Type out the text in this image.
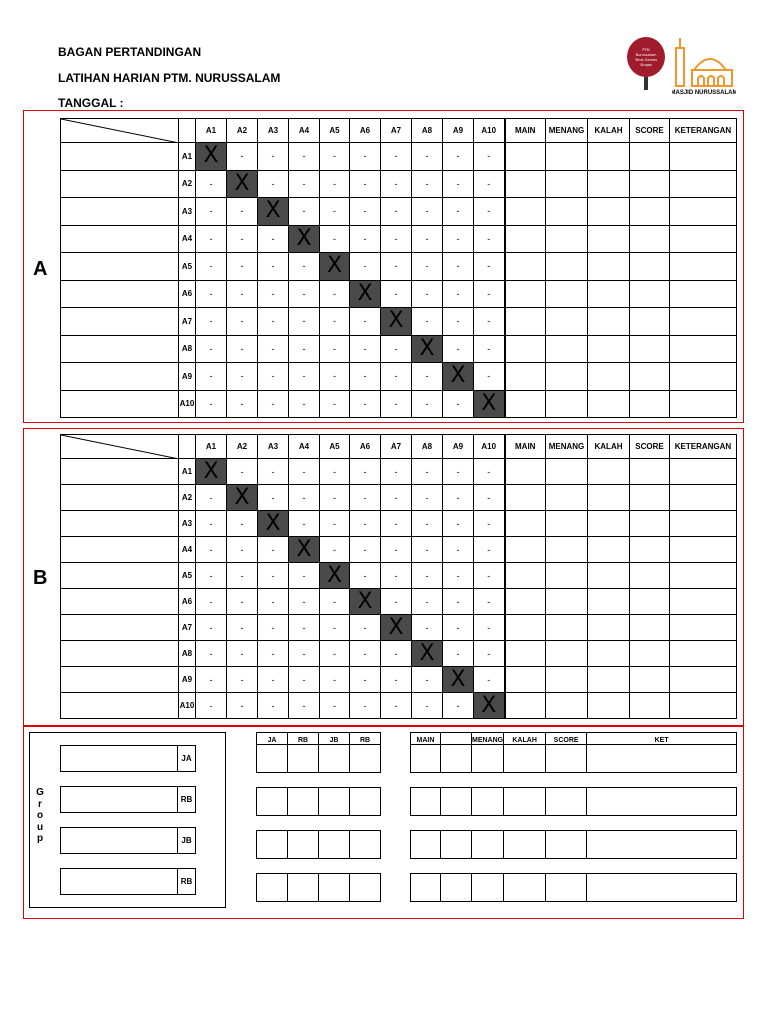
BAGAN PERTANDINGAN
LATIHAN HARIAN PTM. NURUSSALAM
TANGGAL :
PTM
Nurussalam
Tenis Gemas
Singas
MASJID NURUSSALAM
A
B
		A1	A2	A3	A4	A5	A6	A7	A8	A9	A10	MAIN	MENANG	KALAH	SCORE	KETERANGAN
	A1	X	-	-	-	-	-	-	-	-	-					
	A2	-	X	-	-	-	-	-	-	-	-					
	A3	-	-	X	-	-	-	-	-	-	-					
	A4	-	-	-	X	-	-	-	-	-	-					
	A5	-	-	-	-	X	-	-	-	-	-					
	A6	-	-	-	-	-	X	-	-	-	-					
	A7	-	-	-	-	-	-	X	-	-	-					
	A8	-	-	-	-	-	-	-	X	-	-					
	A9	-	-	-	-	-	-	-	-	X	-					
	A10	-	-	-	-	-	-	-	-	-	X					
		A1	A2	A3	A4	A5	A6	A7	A8	A9	A10	MAIN	MENANG	KALAH	SCORE	KETERANGAN
	A1	X	-	-	-	-	-	-	-	-	-					
	A2	-	X	-	-	-	-	-	-	-	-					
	A3	-	-	X	-	-	-	-	-	-	-					
	A4	-	-	-	X	-	-	-	-	-	-					
	A5	-	-	-	-	X	-	-	-	-	-					
	A6	-	-	-	-	-	X	-	-	-	-					
	A7	-	-	-	-	-	-	X	-	-	-					
	A8	-	-	-	-	-	-	-	X	-	-					
	A9	-	-	-	-	-	-	-	-	X	-					
	A10	-	-	-	-	-	-	-	-	-	X					
G
r
o
u
p
JA
RB
JB
RB
JA	RB	JB	RB

				MAIN		MENANG	KALAH	SCORE	KET
